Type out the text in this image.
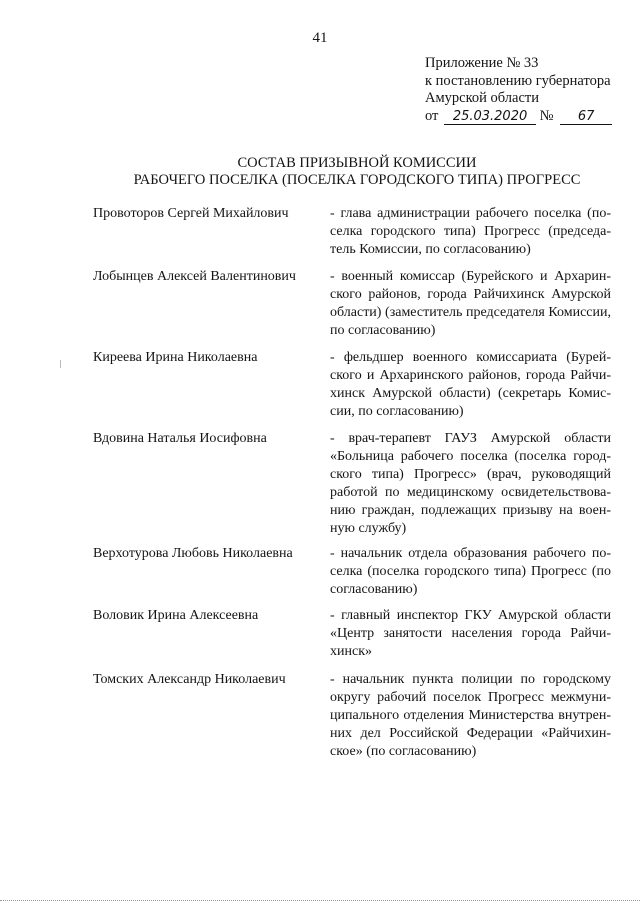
41
Приложение № 33
к постановлению губернатора
Амурской области
от 25.03.2020 № 67
СОСТАВ ПРИЗЫВНОЙ КОМИССИИ
РАБОЧЕГО ПОСЕЛКА (ПОСЕЛКА ГОРОДСКОГО ТИПА) ПРОГРЕСС
Провоторов Сергей Михайлович	- глава администрации рабочего поселка (поселка городского типа) Прогресс (председатель Комиссии, по согласованию)
Лобынцев Алексей Валентинович	- военный комиссар (Бурейского и Архаринского районов, города Райчихинск Амурской области) (заместитель председателя Комиссии, по согласованию)
Киреева Ирина Николаевна	- фельдшер военного комиссариата (Бурейского и Архаринского районов, города Райчихинск Амурской области) (секретарь Комиссии, по согласованию)
Вдовина Наталья Иосифовна	- врач-терапевт ГАУЗ Амурской области «Больница рабочего поселка (поселка городского типа) Прогресс» (врач, руководящий работой по медицинскому освидетельствованию граждан, подлежащих призыву на военную службу)
Верхотурова Любовь Николаевна	- начальник отдела образования рабочего поселка (поселка городского типа) Прогресс (по согласованию)
Воловик Ирина Алексеевна	- главный инспектор ГКУ Амурской области «Центр занятости населения города Райчихинск»
Томских Александр Николаевич	- начальник пункта полиции по городскому округу рабочий поселок Прогресс межмуниципального отделения Министерства внутренних дел Российской Федерации «Райчихинское» (по согласованию)
